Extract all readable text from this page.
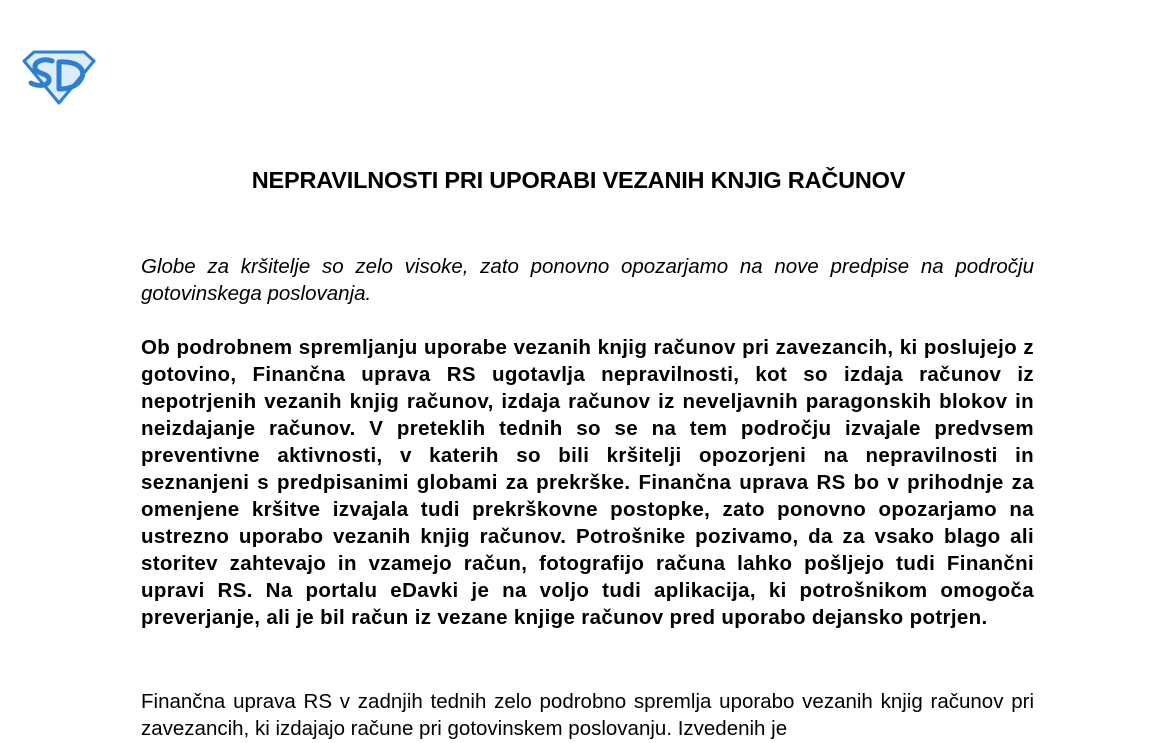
NEPRAVILNOSTI PRI UPORABI VEZANIH KNJIG RAČUNOV

Globe za kršitelje so zelo visoke, zato ponovno opozarjamo na nove predpise na področju gotovinskega poslovanja.

Ob podrobnem spremljanju uporabe vezanih knjig računov pri zavezancih, ki poslujejo z gotovino, Finančna uprava RS ugotavlja nepravilnosti, kot so izdaja računov iz nepotrjenih vezanih knjig računov, izdaja računov iz neveljavnih paragonskih blokov in neizdajanje računov. V preteklih tednih so se na tem področju izvajale predvsem preventivne aktivnosti, v katerih so bili kršitelji opozorjeni na nepravilnosti in seznanjeni s predpisanimi globami za prekrške. Finančna uprava RS bo v prihodnje za omenjene kršitve izvajala tudi prekrškovne postopke, zato ponovno opozarjamo na ustrezno uporabo vezanih knjig računov. Potrošnike pozivamo, da za vsako blago ali storitev zahtevajo in vzamejo račun, fotografijo računa lahko pošljejo tudi Finančni upravi RS. Na portalu eDavki je na voljo tudi aplikacija, ki potrošnikom omogoča preverjanje, ali je bil račun iz vezane knjige računov pred uporabo dejansko potrjen.

Finančna uprava RS v zadnjih tednih zelo podrobno spremlja uporabo vezanih knjig računov pri zavezancih, ki izdajajo račune pri gotovinskem poslovanju. Izvedenih je
